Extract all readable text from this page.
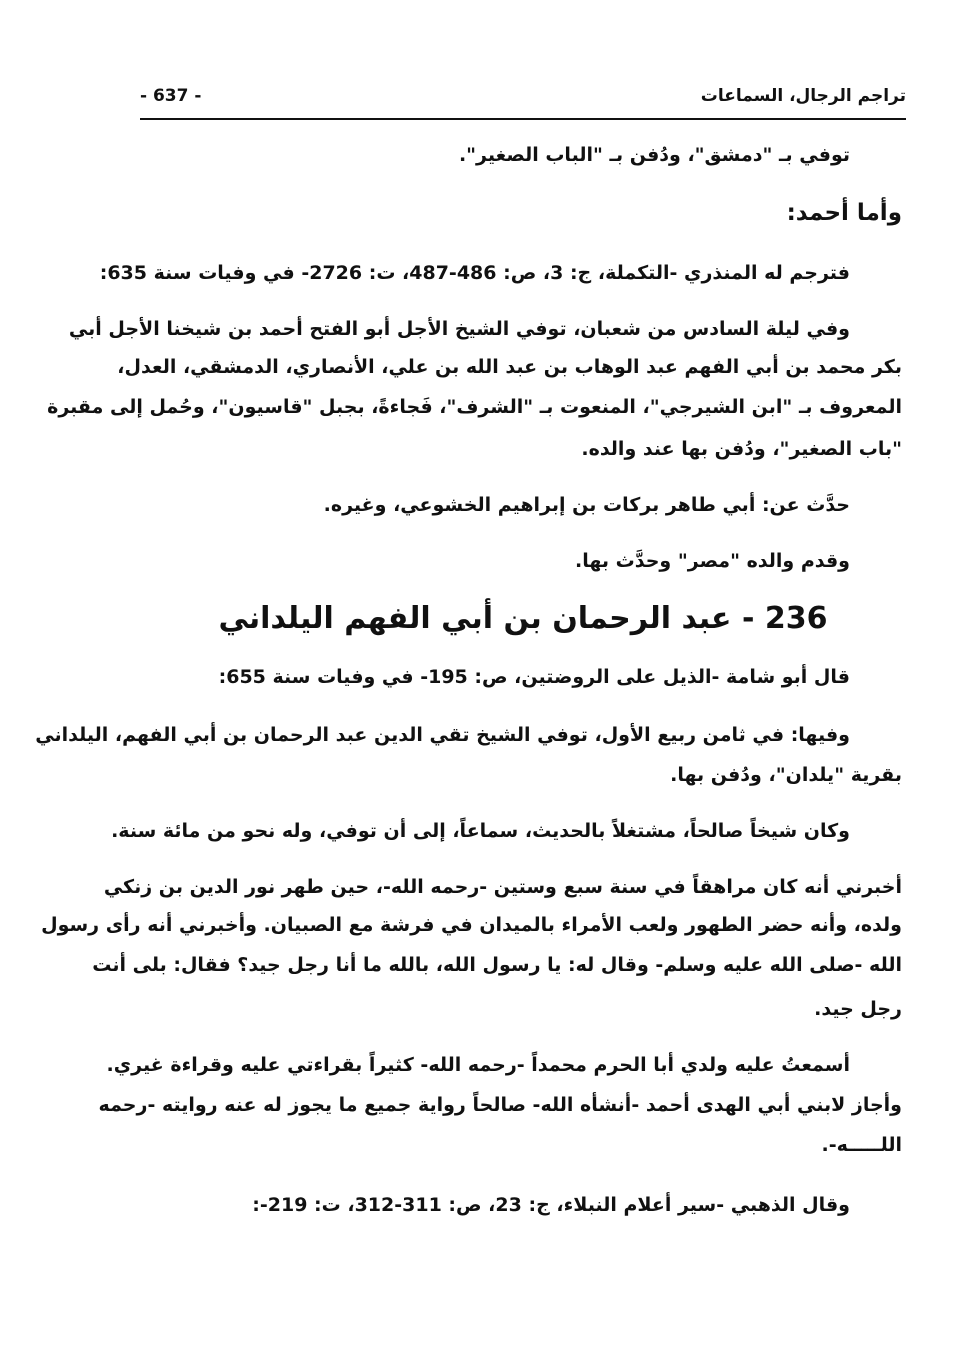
تراجم الرجال، السماعات
- 637 -
توفي بـ "دمشق"، ودُفن بـ "الباب الصغير".
وأما أحمد:
فترجم له المنذري -التكملة، ج: 3، ص: 486-487، ت: 2726- في وفيات سنة 635:
وفي ليلة السادس من شعبان، توفي الشيخ الأجل أبو الفتح أحمد بن شيخنا الأجل أبي
بكر محمد بن أبي الفهم عبد الوهاب بن عبد الله بن علي، الأنصاري، الدمشقي، العدل،
المعروف بـ "ابن الشيرجي"، المنعوت بـ "الشرف"، فَجاءةً، بجبل "قاسيون"، وحُمل إلى مقبرة
"باب الصغير"، ودُفن بها عند والده.
حدَّث عن: أبي طاهر بركات بن إبراهيم الخشوعي، وغيره.
وقدم والده "مصر" وحدَّث بها.
236 - عبد الرحمان بن أبي الفهم اليلداني
قال أبو شامة -الذيل على الروضتين، ص: 195- في وفيات سنة 655:
وفيها: في ثامن ربيع الأول، توفي الشيخ تقي الدين عبد الرحمان بن أبي الفهم، اليلداني
بقرية "يلدان"، ودُفن بها.
وكان شيخاً صالحاً، مشتغلاً بالحديث، سماعاً، إلى أن توفي، وله نحو من مائة سنة.
أخبرني أنه كان مراهقاً في سنة سبع وستين -رحمه الله-، حين طهر نور الدين بن زنكي
ولده، وأنه حضر الطهور ولعب الأمراء بالميدان في فرشة مع الصبيان. وأخبرني أنه رأى رسول
الله -صلى الله عليه وسلم- وقال له: يا رسول الله، بالله ما أنا رجل جيد؟ فقال: بلى أنت
رجل جيد.
أسمعتُ عليه ولدي أبا الحرم محمداً -رحمه الله- كثيراً بقراءتي عليه وقراءة غيري.
وأجاز لابني أبي الهدى أحمد -أنشأه الله- صالحاً رواية جميع ما يجوز له عنه روايته -رحمه
اللـــــه-.
وقال الذهبي -سير أعلام النبلاء، ج: 23، ص: 311-312، ت: 219-:
